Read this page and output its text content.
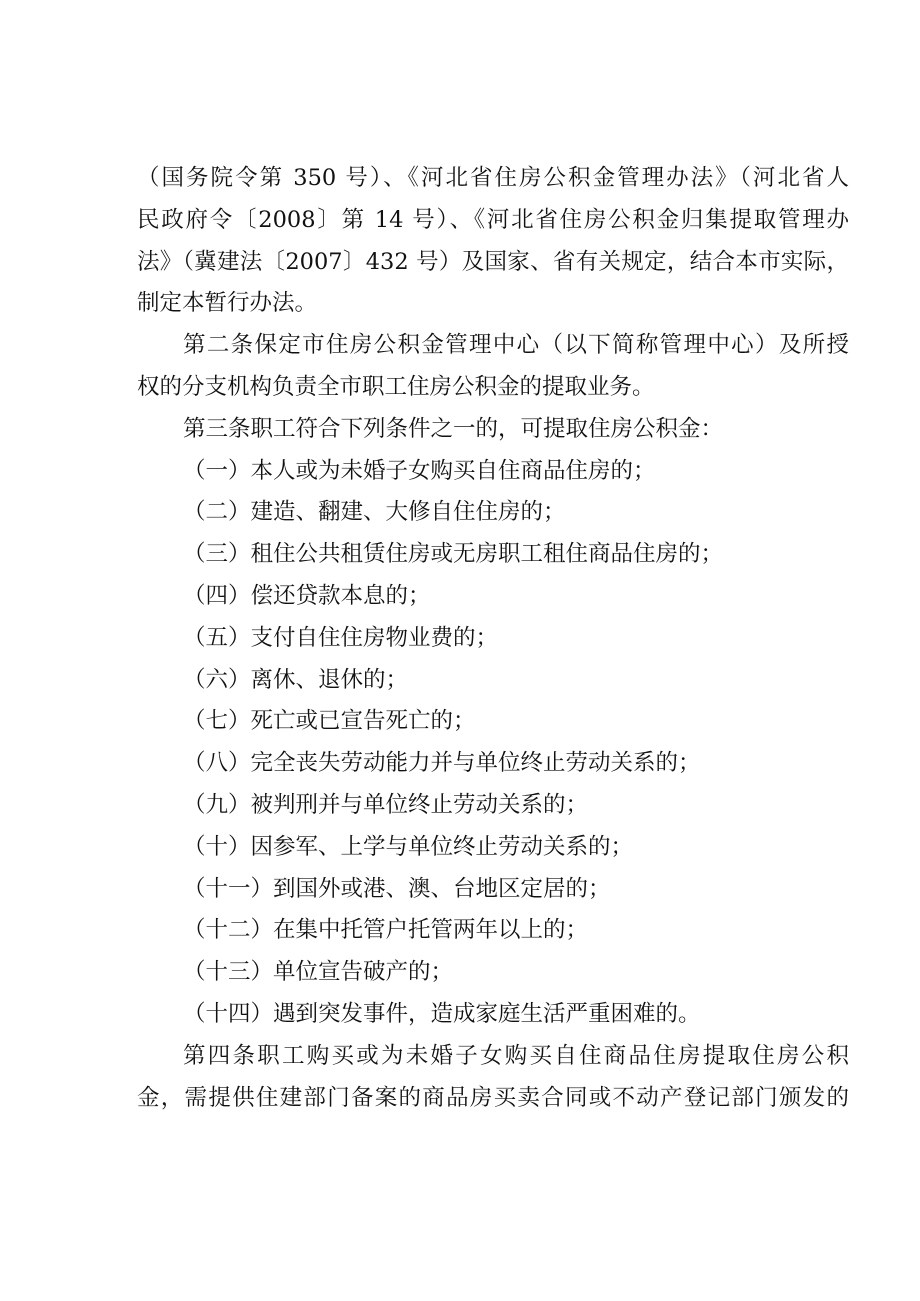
（国务院令第 350 号）、《河北省住房公积金管理办法》（河北省人
民政府令〔2008〕第 14 号）、《河北省住房公积金归集提取管理办
法》（冀建法〔2007〕432 号）及国家、省有关规定，结合本市实际，
制定本暂行办法。
第二条保定市住房公积金管理中心（以下简称管理中心）及所授
权的分支机构负责全市职工住房公积金的提取业务。
第三条职工符合下列条件之一的，可提取住房公积金：
（一）本人或为未婚子女购买自住商品住房的；
（二）建造、翻建、大修自住住房的；
（三）租住公共租赁住房或无房职工租住商品住房的；
（四）偿还贷款本息的；
（五）支付自住住房物业费的；
（六）离休、退休的；
（七）死亡或已宣告死亡的；
（八）完全丧失劳动能力并与单位终止劳动关系的；
（九）被判刑并与单位终止劳动关系的；
（十）因参军、上学与单位终止劳动关系的；
（十一）到国外或港、澳、台地区定居的；
（十二）在集中托管户托管两年以上的；
（十三）单位宣告破产的；
（十四）遇到突发事件，造成家庭生活严重困难的。
第四条职工购买或为未婚子女购买自住商品住房提取住房公积
金，需提供住建部门备案的商品房买卖合同或不动产登记部门颁发的
